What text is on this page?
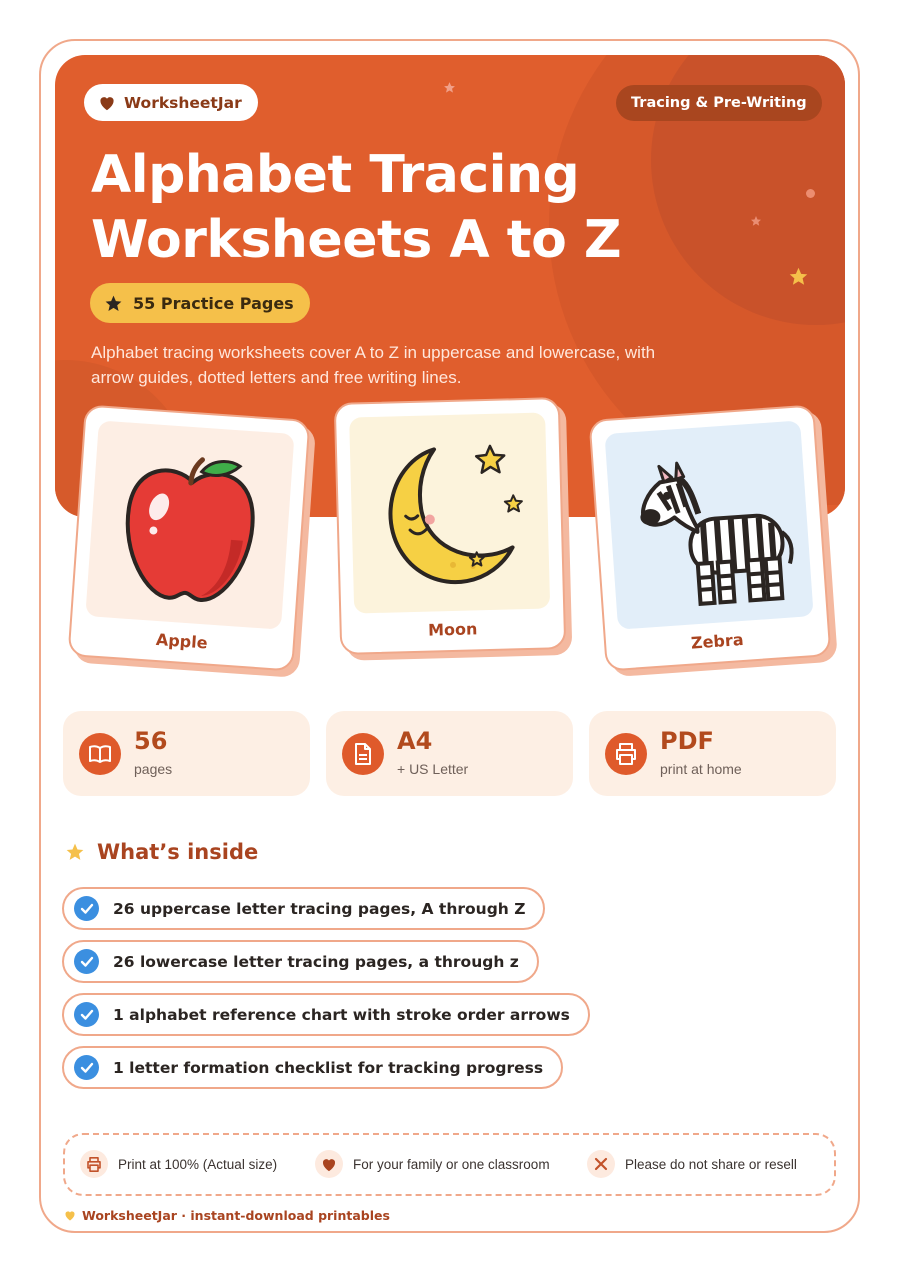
WorksheetJar	Tracing & Pre-Writing
Alphabet Tracing
Worksheets A to Z
55 Practice Pages
Alphabet tracing worksheets cover A to Z in uppercase and lowercase, with arrow guides, dotted letters and free writing lines.
Apple
Moon
Zebra
56
pages
A4
+ US Letter
PDF
print at home
What’s inside
26 uppercase letter tracing pages, A through Z
26 lowercase letter tracing pages, a through z
1 alphabet reference chart with stroke order arrows
1 letter formation checklist for tracking progress
Print at 100% (Actual size)	For your family or one classroom	Please do not share or resell
WorksheetJar · instant-download printables
